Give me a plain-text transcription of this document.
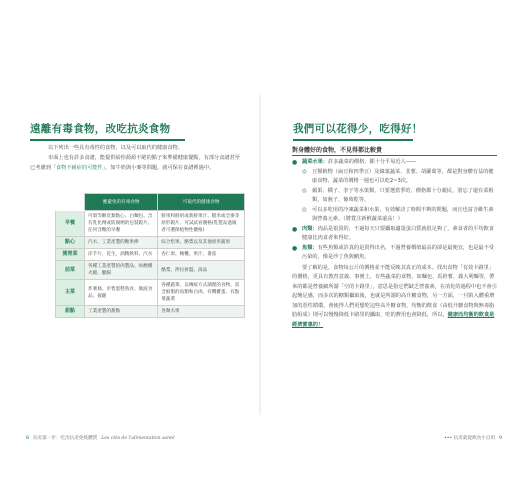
遠離有毒食物，改吃抗炎食物
以下列出一些具有毒性的食物，以及可以取代的健康食物。
市面上也有許多食譜，能提供給你源源不絕的點子來準備健康餐點。有部分食譜甚至已考慮到「食物不耐症的可能性」，如牛奶與小麥等問題，就可保在食譜裡過中。
	應避免的有毒食物	可取代的健康食物
早餐	可頌等酥皮類點心、白麵包、含有乳化劑或防腐劑的包裝穀片、任何含糖的早餐	鮮果和鮮奶或新鮮果汁、糙米或全麥等原形穀片、可試試看優格(乳製品過敏者可選擇植物性優格)
點心	汽水、工業產製的糖果棒	綜合堅果、酪梨以及其他原形蔬果
開胃菜	洋芋片、花生、酒精飲料、汽水	杏仁果、橄欖、果汁、番茄
前菜	各種工業產製的肉製品、如煙燻火腿、臘腸	酪梨、涉拉拼盤、湯品
主菜	炸薯條、市售蛋糕熟食、微波食品、披薩	各種蔬菜、以傳統方式調理的食物、富含鮮脂的魚類和白肉、有機雞蛋、有點菜蔬菜
甜點	工業產製的甜點	各類水果
8 抗炎第一步：吃出抗炎免疫體質 Les clés de l'alimentation santé
我們可以花得少，吃得好！
對身體好的食物，不見得都比較貴
● 蔬菜水果：許多蔬菜的價格，都十分平易近人——
◎ 豆類植物（扁豆和四季豆）及綠葉蔬菜、韭蔥、胡蘿蔔等，都是對身體有益的健康食物，蔬菜的價格一週也可以吃2~3次。
◎ 蘋果、橘子、李子等水果類，只要選當季的，價格都十分親民，別忘了還有菜根類，如蕪子、葡萄乾等。
◎ 可以多吃用的冷凍蔬菜和水果，有效解決了時間不夠的問題，而且也富含維生素與營養元素。（將賞注新鮮蔬菜還高！）
● 肉類：肉品是很貴的，不過每天只要攝取適量蛋白質就很足夠了，素食者的平均飲食健康比肉食者來得好。
● 魚類：有些魚類或許真的是貴得出名，不過營養價值最高的卻是最便宜，也是最不受污染的，像是沙丁魚與鯖魚。
要了解的是，食物每公斤的價格並不能反映其真正的成本。找出食物「有效卡路里」的價格，更具有教育意義。事實上，有些蔬菜的食物，如麵包、馬鈴薯、義大利麵等，帶來的都是營養細所謂「空的卡路里」，意思是指它們缺乏營養素，在消化的過程中也不會引起飽足感，而多次的糖類攝取後，也就是所謂的高升糖食物，另一方面，一旦陷入體重增加的惡性循環，會使得人們更想吃這些高升糖食物，均衡的飲食（由低升糖食物與無毒脂肪組成）則可以慢慢降低卡路里的攝取，吃的費用也會降低，所以，健康而均衡的飲食是經濟實惠的！
••• 抗炎就從飲食小自用 9
